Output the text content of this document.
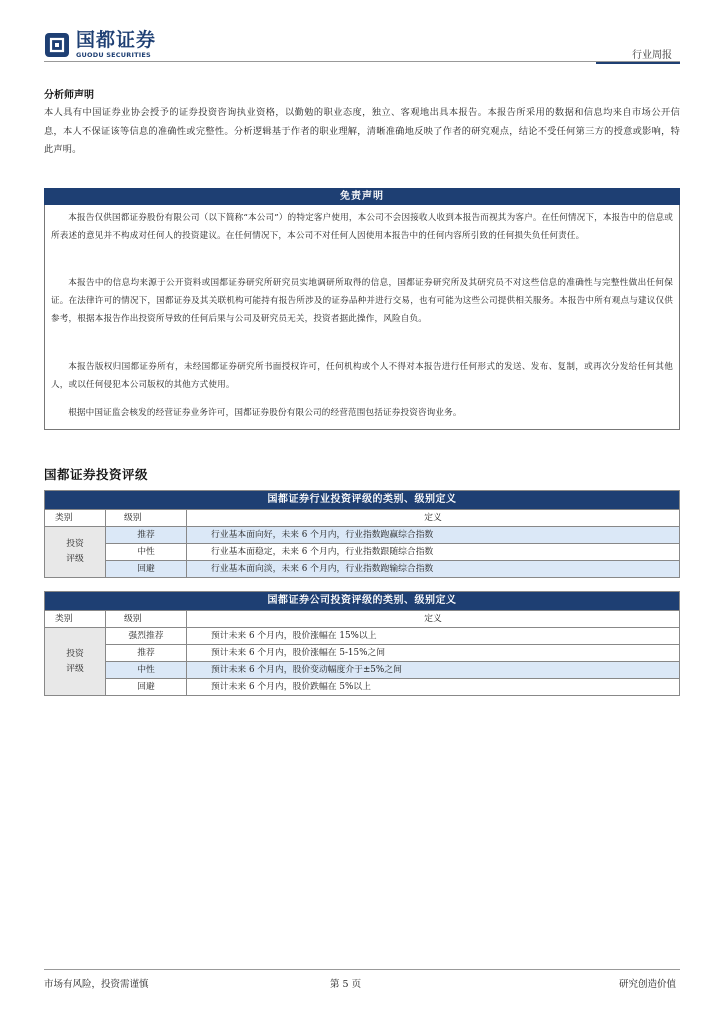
国都证券
GUODU SECURITIES	行业周报
分析师声明
本人具有中国证券业协会授予的证券投资咨询执业资格，以勤勉的职业态度，独立、客观地出具本报告。本报告所采用的数据和信息均来自市场公开信息，本人不保证该等信息的准确性或完整性。分析逻辑基于作者的职业理解，清晰准确地反映了作者的研究观点，结论不受任何第三方的授意或影响，特此声明。
免责声明
本报告仅供国都证券股份有限公司（以下简称“本公司”）的特定客户使用，本公司不会因接收人收到本报告而视其为客户。在任何情况下，本报告中的信息或所表述的意见并不构成对任何人的投资建议。在任何情况下，本公司不对任何人因使用本报告中的任何内容所引致的任何损失负任何责任。
本报告中的信息均来源于公开资料或国都证券研究所研究员实地调研所取得的信息，国都证券研究所及其研究员不对这些信息的准确性与完整性做出任何保证。在法律许可的情况下，国都证券及其关联机构可能持有报告所涉及的证券品种并进行交易，也有可能为这些公司提供相关服务。本报告中所有观点与建议仅供参考，根据本报告作出投资所导致的任何后果与公司及研究员无关，投资者据此操作，风险自负。
本报告版权归国都证券所有，未经国都证券研究所书面授权许可，任何机构或个人不得对本报告进行任何形式的发送、发布、复制，或再次分发给任何其他人，或以任何侵犯本公司版权的其他方式使用。
根据中国证监会核发的经营证券业务许可，国都证券股份有限公司的经营范围包括证券投资咨询业务。
国都证券投资评级
国都证券行业投资评级的类别、级别定义		
类别	级别	定义
投资评级	推荐	行业基本面向好，未来 6 个月内，行业指数跑赢综合指数
	中性	行业基本面稳定，未来 6 个月内，行业指数跟随综合指数
	回避	行业基本面向淡，未来 6 个月内，行业指数跑输综合指数
国都证券公司投资评级的类别、级别定义		
类别	级别	定义
投资评级	强烈推荐	预计未来 6 个月内，股价涨幅在 15%以上
	推荐	预计未来 6 个月内，股价涨幅在 5-15%之间
	中性	预计未来 6 个月内，股价变动幅度介于±5%之间
	回避	预计未来 6 个月内，股价跌幅在 5%以上
市场有风险，投资需谨慎	第 5 页	研究创造价值
